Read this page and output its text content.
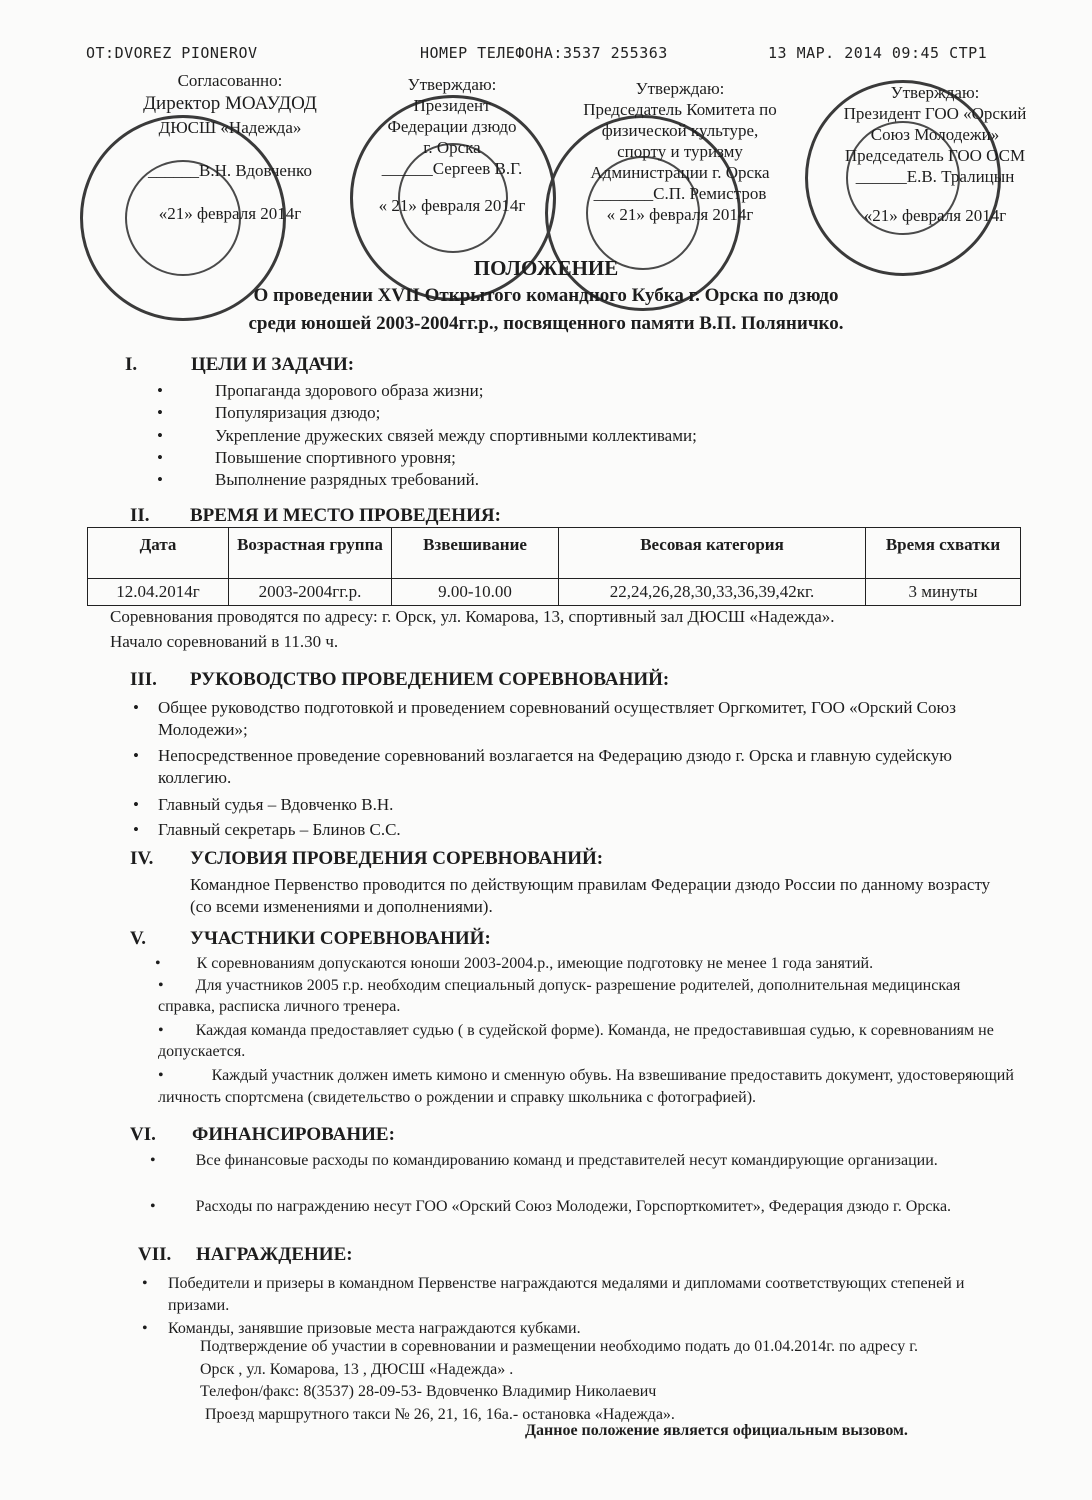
OT:DVOREZ PIONEROV	НОМЕР ТЕЛЕФОНА:3537 255363	13 МАР. 2014 09:45 СТР1
Согласованно:
Директор МОАУДОД
ДЮСШ «Надежда»
______В.Н. Вдовченко
«21» февраля 2014г
Утверждаю:
Президент
Федерации дзюдо
г. Орска
______Сергеев В.Г.
« 21» февраля 2014г
Утверждаю:
Председатель Комитета по
физической культуре,
спорту и туризму
Администрации г. Орска
_______С.П. Ремистров
« 21» февраля 2014г
Утверждаю:
Президент ГОО «Орский
Союз Молодежи»
Председатель ГОО ОСМ
______Е.В. Тралицын
«21» февраля 2014г
ПОЛОЖЕНИЕ
О проведении XVII Открытого командного Кубка г. Орска по дзюдо
среди юношей 2003-2004гг.р., посвященного памяти В.П. Поляничко.
I.	ЦЕЛИ И ЗАДАЧИ:
• Пропаганда здорового образа жизни;
• Популяризация дзюдо;
• Укрепление дружеских связей между спортивными коллективами;
• Повышение спортивного уровня;
• Выполнение разрядных требований.
II. ВРЕМЯ И МЕСТО ПРОВЕДЕНИЯ:
Дата	Возрастная группа	Взвешивание	Весовая категория	Время схватки
12.04.2014г	2003-2004гг.р.	9.00-10.00	22,24,26,28,30,33,36,39,42кг.	3 минуты
Соревнования проводятся по адресу: г. Орск, ул. Комарова, 13, спортивный зал ДЮСШ «Надежда».
Начало соревнований в 11.30 ч.
III. РУКОВОДСТВО ПРОВЕДЕНИЕМ СОРЕВНОВАНИЙ:
Общее руководство подготовкой и проведением соревнований осуществляет Оргкомитет, ГОО «Орский Союз Молодежи»;
Непосредственное проведение соревнований возлагается на Федерацию дзюдо г. Орска и главную судейскую коллегию.
Главный судья – Вдовченко В.Н.
Главный секретарь – Блинов С.С.
IV. УСЛОВИЯ ПРОВЕДЕНИЯ СОРЕВНОВАНИЙ:
Командное Первенство проводится по действующим правилам Федерации дзюдо России по данному возрасту (со всеми изменениями и дополнениями).
V. УЧАСТНИКИ СОРЕВНОВАНИЙ:
•         К соревнованиям допускаются юноши 2003-2004.р., имеющие подготовку не менее 1 года занятий.
•        Для участников 2005 г.р. необходим специальный допуск- разрешение родителей, дополнительная медицинская справка, расписка личного тренера.
•        Каждая команда предоставляет судью ( в судейской форме). Команда, не предоставившая судью, к соревнованиям не допускается.
•            Каждый участник должен иметь кимоно и сменную обувь. На взвешивание предоставить документ, удостоверяющий личность спортсмена (свидетельство о рождении и справку школьника с фотографией).
VI. ФИНАНСИРОВАНИЕ:
•          Все финансовые расходы по командированию команд и представителей несут командирующие организации.
•          Расходы по награждению несут ГОО «Орский Союз Молодежи, Горспорткомитет», Федерация дзюдо г. Орска.
VII. НАГРАЖДЕНИЕ:
• Победители и призеры в командном Первенстве награждаются медалями и дипломами соответствующих степеней и призами.
• Команды, занявшие призовые места награждаются кубками.
Подтверждение об участии в соревновании и размещении необходимо подать до 01.04.2014г. по адресу г.
Орск , ул. Комарова, 13 , ДЮСШ «Надежда» .
Телефон/факс: 8(3537) 28-09-53- Вдовченко Владимир Николаевич
Проезд маршрутного такси № 26, 21, 16, 16а.- остановка «Надежда».
Данное положение является официальным вызовом.
